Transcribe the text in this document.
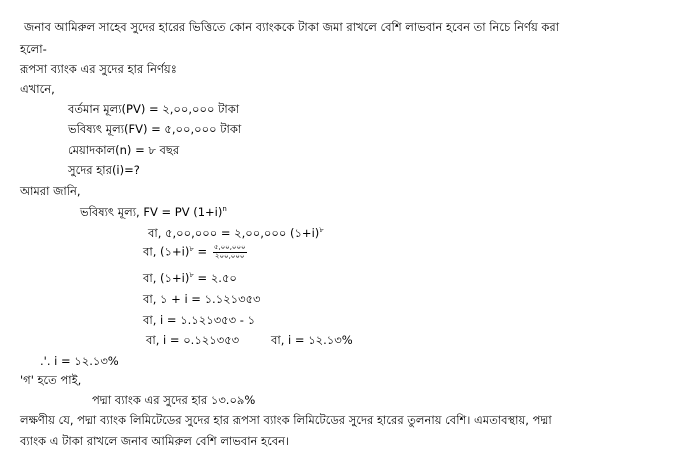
জনাব আমিরুল সাহেব সুদের হারের ভিত্তিতে কোন ব্যাংককে টাকা জমা রাখলে বেশি লাভবান হবেন তা নিচে নির্ণয় করা
হলো-
রূপসা ব্যাংক এর সুদের হার নির্ণয়ঃ
এখানে,
বর্তমান মূল্য(PV) = ২,০০,০০০ টাকা
ভবিষ্যৎ মূল্য(FV) = ৫,০০,০০০ টাকা
মেয়াদকাল(n) = ৮ বছর
সুদের হার(i)=?
আমরা জানি,
ভবিষ্যৎ মূল্য, FV = PV $(1+i)^n$
বা, ৫,০০,০০০ = ২,০০,০০০ (১+i)$^৮$
বা, (১+i)$^৮$ = $\frac{৫,০০,০০০}{২০০,০০০}$
বা, (১+i)$^৮$ = ২.৫০
বা, ১ + i = ১.১২১৩৫৩
বা, i = ১.১২১৩৫৩ - ১
বা, i = ০.১২১৩৫৩	বা, i = ১২.১৩%
.'. i = ১২.১৩%
'গ' হতে পাই,
পদ্মা ব্যাংক এর সুদের হার ১৩.০৯%
লক্ষণীয় যে, পদ্মা ব্যাংক লিমিটেডের সুদের হার রূপসা ব্যাংক লিমিটেডের সুদের হারের তুলনায় বেশি। এমতাবস্থায়, পদ্মা
ব্যাংক এ টাকা রাখলে জনাব আমিরুল বেশি লাভবান হবেন।
